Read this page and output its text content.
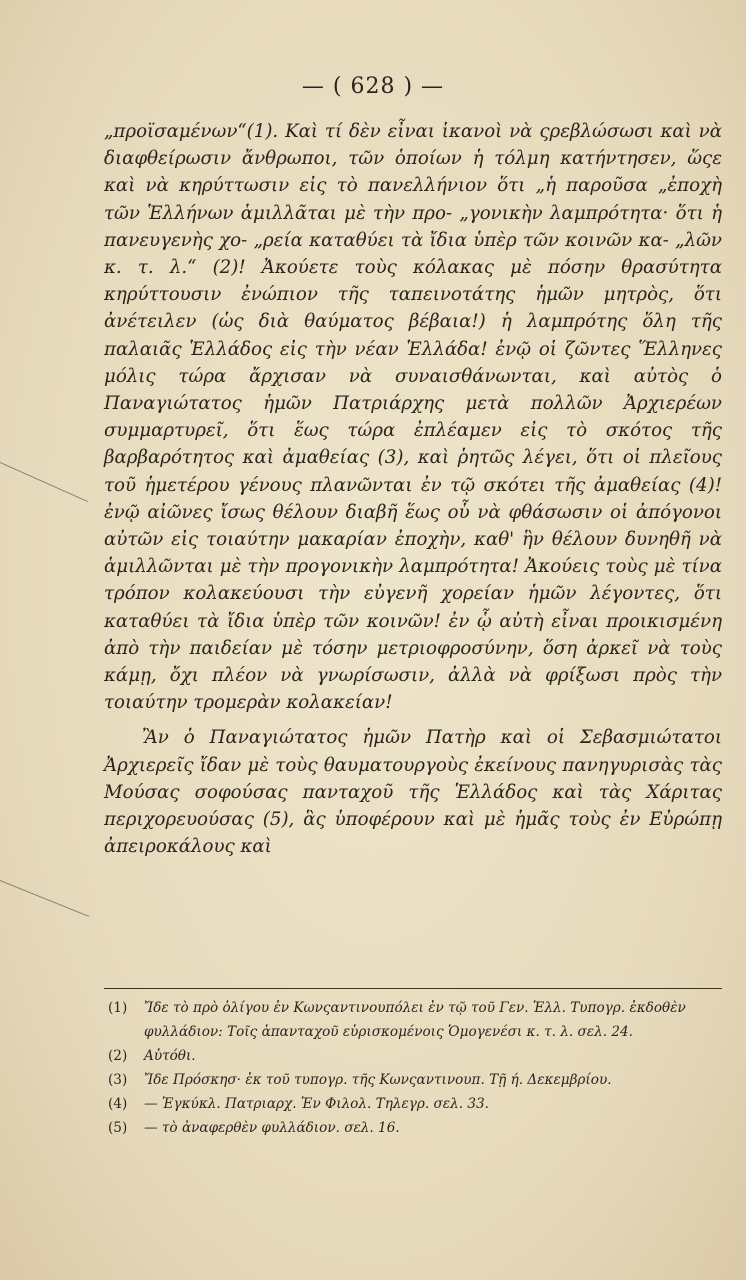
— ( 628 ) —

„προϊσαμένων“(1). Καὶ τί δὲν εἶναι ἱκανοὶ νὰ ςρεβλώσωσι καὶ νὰ διαφθείρωσιν ἄνθρωποι, τῶν ὁποίων ἡ τόλμη κατήντησεν, ὥςε καὶ νὰ κηρύττωσιν εἰς τὸ πανελλήνιον ὅτι „ἡ παροῦσα „ἐποχὴ τῶν Ἑλλήνων ἁμιλλᾶται μὲ τὴν προ- „γονικὴν λαμπρότητα· ὅτι ἡ πανευγενὴς χο- „ρεία καταθύει τὰ ἴδια ὑπὲρ τῶν κοινῶν κα- „λῶν κ. τ. λ.“ (2)! Ἀκούετε τοὺς κόλακας μὲ πόσην θρασύτητα κηρύττουσιν ἐνώπιον τῆς ταπεινοτάτης ἡμῶν μητρὸς, ὅτι ἀνέτειλεν (ὡς διὰ θαύματος βέβαια!) ἡ λαμπρότης ὅλη τῆς παλαιᾶς Ἑλλάδος εἰς τὴν νέαν Ἑλλάδα! ἐνῷ οἱ ζῶντες Ἕλληνες μόλις τώρα ἄρχισαν νὰ συναισθάνωνται, καὶ αὐτὸς ὁ Παναγιώτατος ἡμῶν Πατριάρχης μετὰ πολλῶν Ἀρχιερέων συμμαρτυρεῖ, ὅτι ἕως τώρα ἐπλέαμεν εἰς τὸ σκότος τῆς βαρβαρότητος καὶ ἀμαθείας (3), καὶ ῥητῶς λέγει, ὅτι οἱ πλεῖους τοῦ ἡμετέρου γένους πλανῶνται ἐν τῷ σκότει τῆς ἀμαθείας (4)! ἐνῷ αἰῶνες ἴσως θέλουν διαβῆ ἕως οὗ νὰ φθάσωσιν οἱ ἀπόγονοι αὐτῶν εἰς τοιαύτην μακαρίαν ἐποχὴν, καθ' ἣν θέλουν δυνηθῆ νὰ ἁμιλλῶνται μὲ τὴν προγονικὴν λαμπρότητα! Ἀκούεις τοὺς μὲ τίνα τρόπον κολακεύουσι τὴν εὐγενῆ χορείαν ἡμῶν λέγοντες, ὅτι καταθύει τὰ ἴδια ὑπὲρ τῶν κοινῶν! ἐν ᾧ αὐτὴ εἶναι προικισμένη ἀπὸ τὴν παιδείαν μὲ τόσην μετριοφροσύνην, ὅση ἀρκεῖ νὰ τοὺς κάμῃ, ὄχι πλέον νὰ γνωρίσωσιν, ἀλλὰ νὰ φρίξωσι πρὸς τὴν τοιαύτην τρομερὰν κολακείαν!

Ἂν ὁ Παναγιώτατος ἡμῶν Πατὴρ καὶ οἱ Σεβασμιώτατοι Ἀρχιερεῖς ἴδαν μὲ τοὺς θαυματουργοὺς ἐκείνους πανηγυρισὰς τὰς Μούσας σοφούσας πανταχοῦ τῆς Ἑλλάδος καὶ τὰς Χάριτας περιχορευούσας (5), ἃς ὑποφέρουν καὶ μὲ ἡμᾶς τοὺς ἐν Εὐρώπῃ ἀπειροκάλους καὶ

(1)	Ἴδε τὸ πρὸ ὀλίγου ἐν Κωνςαντινουπόλει ἐν τῷ τοῦ Γεν. Ἑλλ. Τυπογρ. ἐκδοθὲν φυλλάδιον: Τοῖς ἁπανταχοῦ εὑρισκομένοις Ὁμογενέσι κ. τ. λ. σελ. 24.
(2)	Αὐτόθι.
(3)	Ἴδε Πρόσκησ· ἐκ τοῦ τυπογρ. τῆς Κωνςαντινουπ. Τῇ ή. Δεκεμβρίου.
(4)	— Ἐγκύκλ. Πατριαρχ. Ἐν Φιλολ. Τηλεγρ. σελ. 33.
(5)	— τὸ ἀναφερθὲν φυλλάδιον. σελ. 16.
